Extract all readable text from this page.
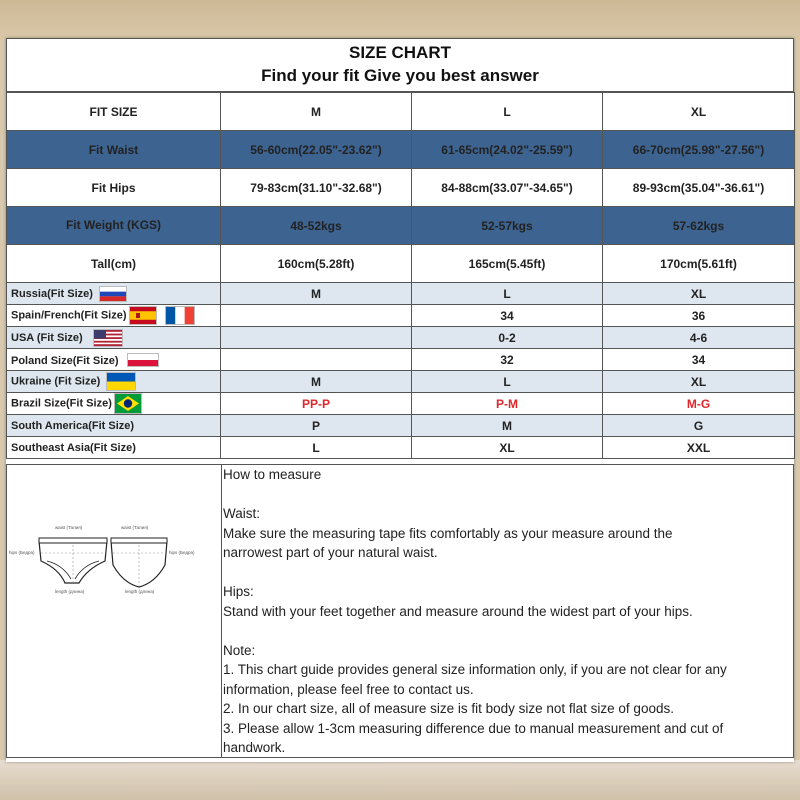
SIZE CHART
Find your fit Give you best answer
FIT SIZE	M	L	XL
Fit Waist	56-60cm(22.05"-23.62")	61-65cm(24.02"-25.59")	66-70cm(25.98"-27.56")
Fit Hips	79-83cm(31.10"-32.68")	84-88cm(33.07"-34.65")	89-93cm(35.04"-36.61")
Fit Weight (KGS)	48-52kgs	52-57kgs	57-62kgs
Tall(cm)	160cm(5.28ft)	165cm(5.45ft)	170cm(5.61ft)
Russia(Fit Size)	M	L	XL
Spain/French(Fit Size)		34	36
USA (Fit Size)		0-2	4-6
Poland Size(Fit Size)		32	34
Ukraine (Fit Size)	M	L	XL
Brazil Size(Fit Size)	PP-P	P-M	M-G
South America(Fit Size)	P	M	G
Southeast Asia(Fit Size)	L	XL	XXL
waist (Талия)	waist (Талия)
hips (Бедра)	hips (Бедра)
length (длина)	length (длина)
How to measure

Waist:
Make sure the measuring tape fits comfortably as your measure around the
narrowest part of your natural waist.

Hips:
Stand with your feet together and measure around the widest part of your hips.

Note:
1. This chart guide provides general size information only, if you are not clear for any
information, please feel free to contact us.
2. In our chart size, all of measure size is fit body size not flat size of goods.
3. Please allow 1-3cm measuring difference due to manual measurement and cut of
handwork.
